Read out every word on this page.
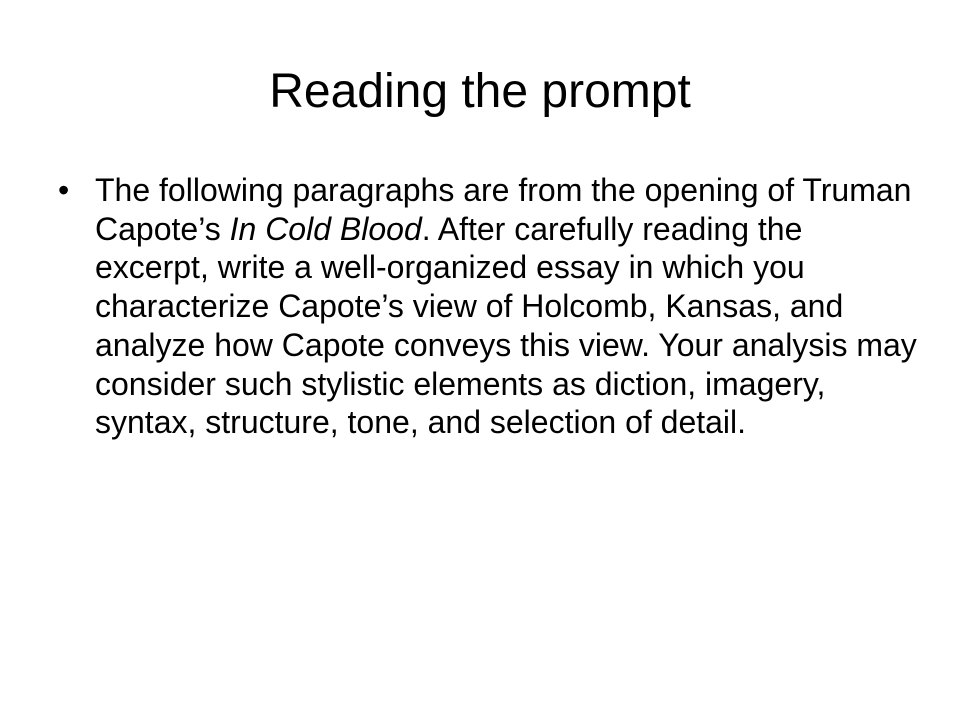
Reading the prompt
• The following paragraphs are from the opening of Truman Capote’s In Cold Blood. After carefully reading the excerpt, write a well-organized essay in which you characterize Capote’s view of Holcomb, Kansas, and analyze how Capote conveys this view. Your analysis may consider such stylistic elements as diction, imagery, syntax, structure, tone, and selection of detail.
